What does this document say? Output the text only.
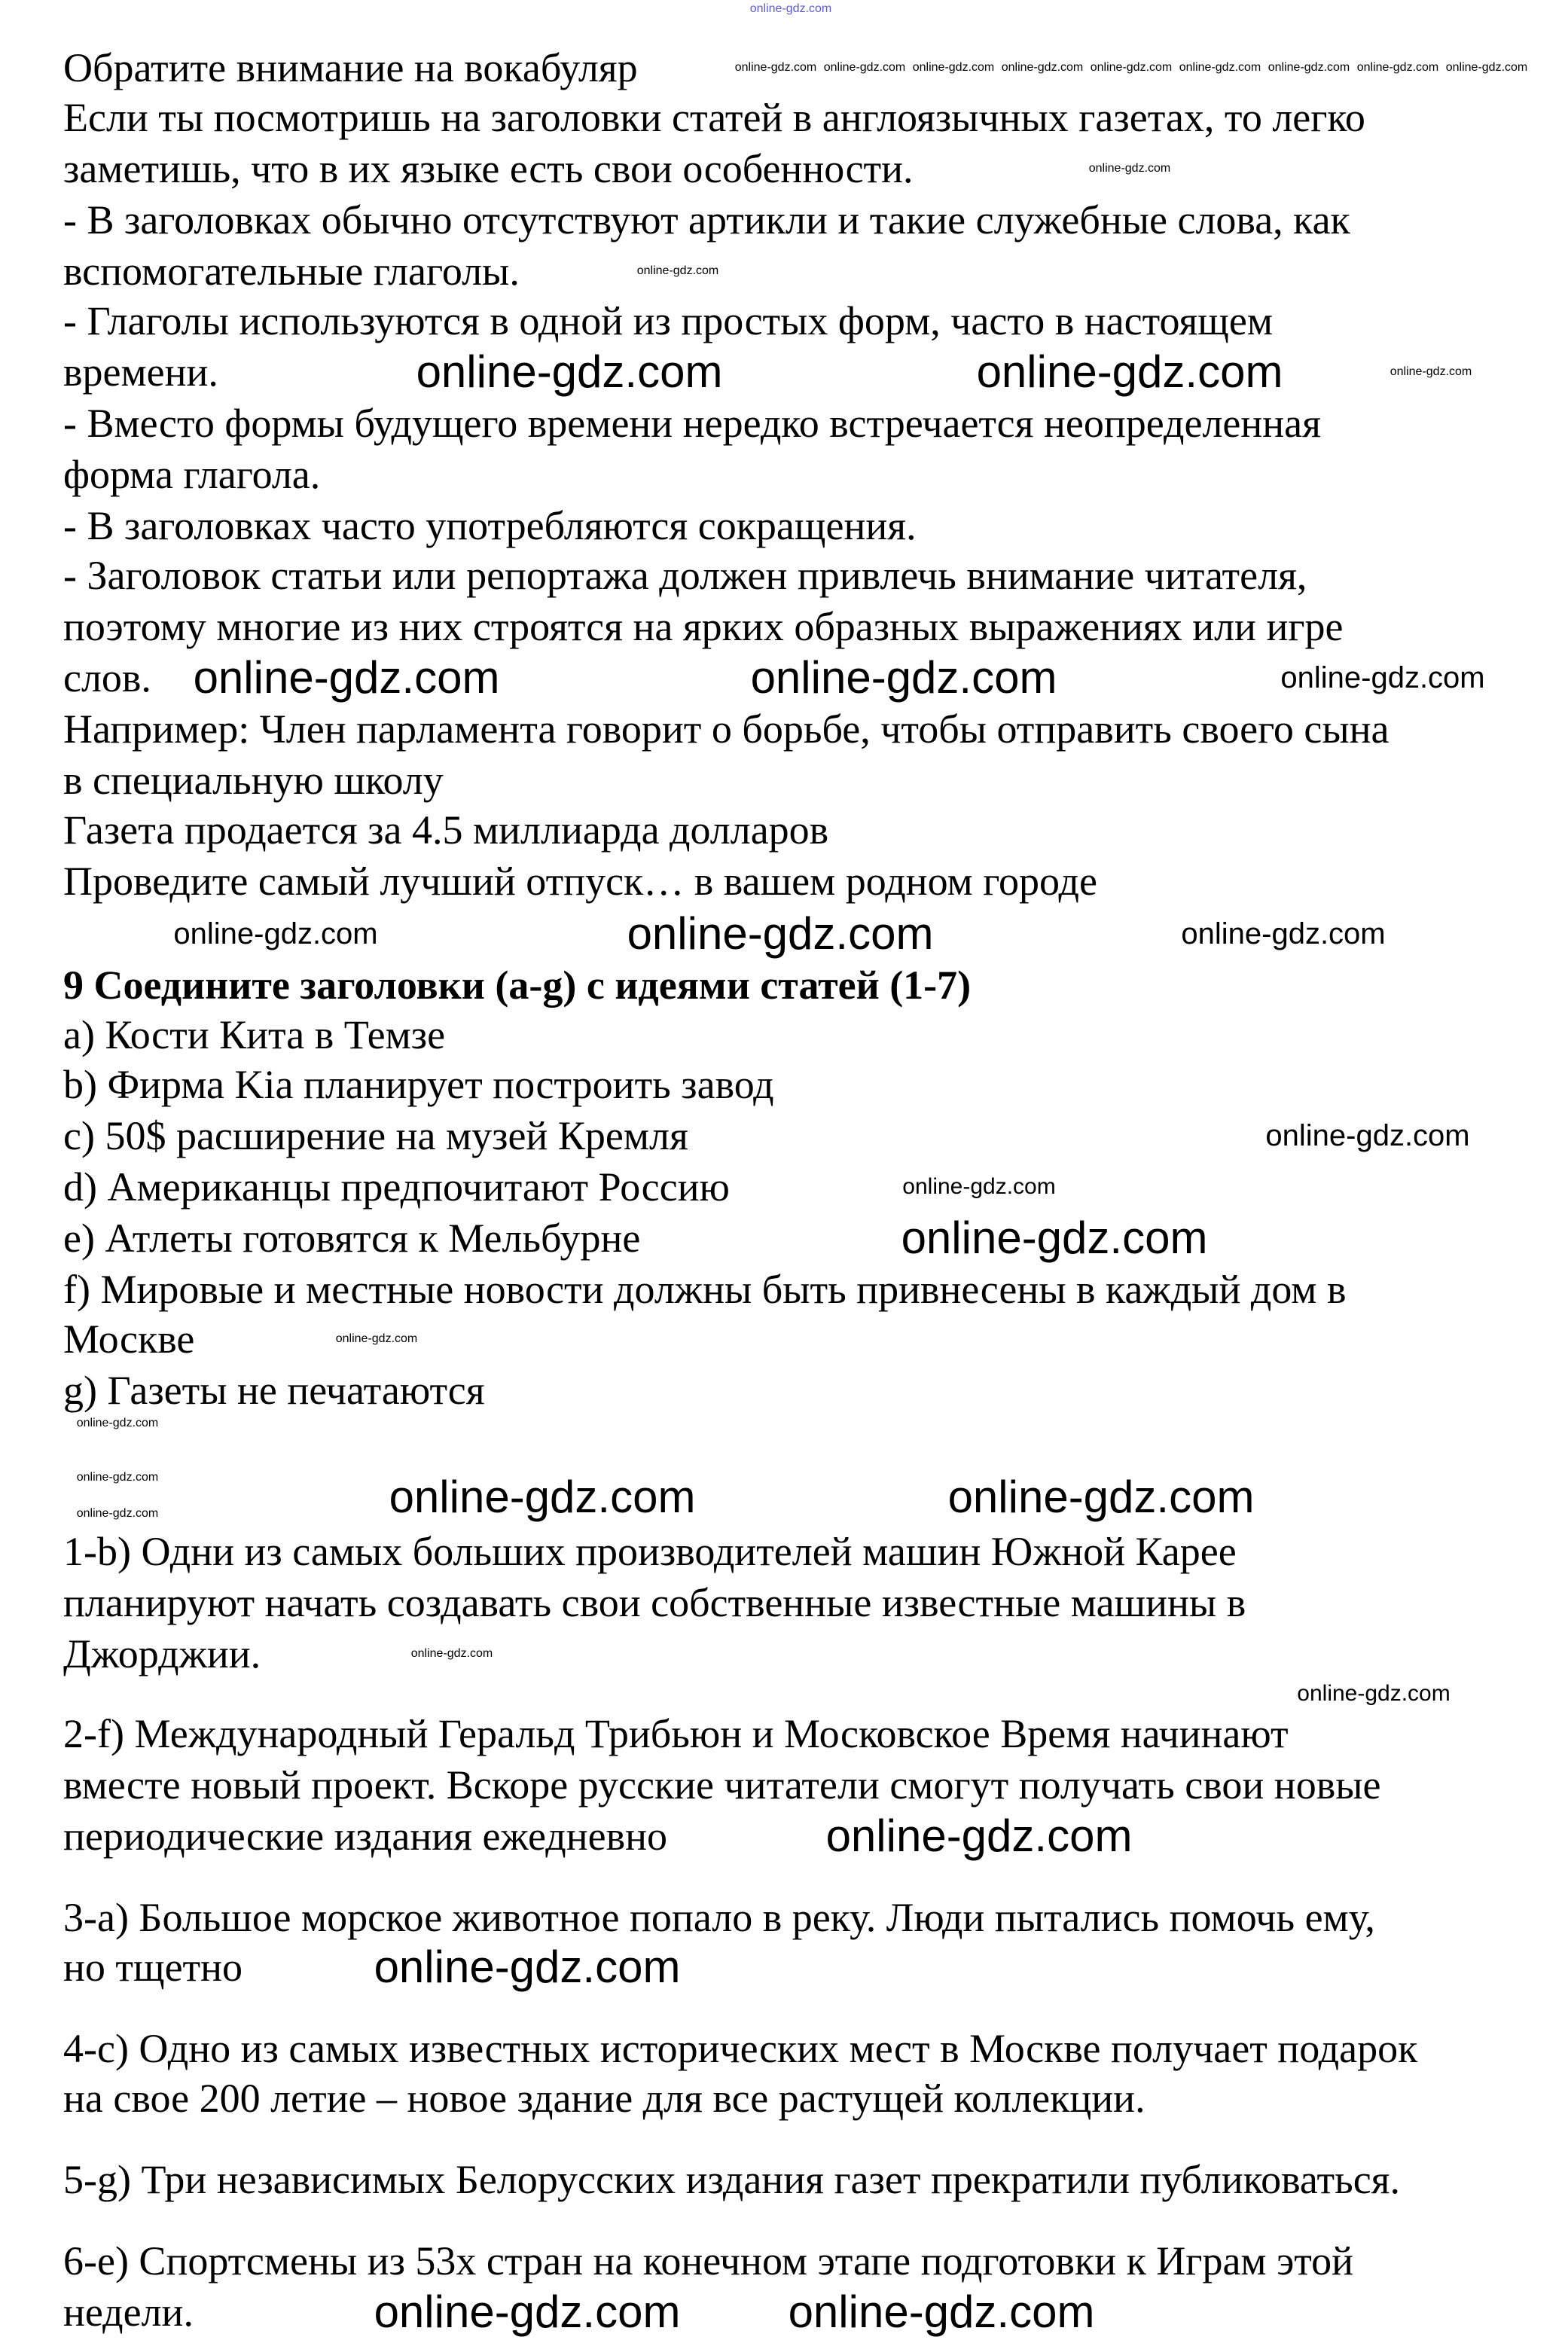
Обратите внимание на вокабуляр
Если ты посмотришь на заголовки статей в англоязычных газетах, то легко
заметишь, что в их языке есть свои особенности.
- В заголовках обычно отсутствуют артикли и такие служебные слова, как
вспомогательные глаголы.
- Глаголы используются в одной из простых форм, часто в настоящем
времени.
- Вместо формы будущего времени нередко встречается неопределенная
форма глагола.
- В заголовках часто употребляются сокращения.
- Заголовок статьи или репортажа должен привлечь внимание читателя,
поэтому многие из них строятся на ярких образных выражениях или игре
слов.
Например: Член парламента говорит о борьбе, чтобы отправить своего сына
в специальную школу
Газета продается за 4.5 миллиарда долларов
Проведите самый лучший отпуск… в вашем родном городе
9 Соедините заголовки (a-g) с идеями статей (1-7)
a) Кости Кита в Темзе
b) Фирма Kia планирует построить завод
c) 50$ расширение на музей Кремля
d) Американцы предпочитают Россию
e) Атлеты готовятся к Мельбурне
f) Мировые и местные новости должны быть привнесены в каждый дом в
Москве
g) Газеты не печатаются
1-b) Одни из самых больших производителей машин Южной Карее
планируют начать создавать свои собственные известные машины в
Джорджии.
2-f) Международный Геральд Трибьюн и Московское Время начинают
вместе новый проект. Вскоре русские читатели смогут получать свои новые
периодические издания ежедневно
3-a) Большое морское животное попало в реку. Люди пытались помочь ему,
но тщетно
4-c) Одно из самых известных исторических мест в Москве получает подарок
на свое 200 летие – новое здание для все растущей коллекции.
5-g) Три независимых Белорусских издания газет прекратили публиковаться.
6-e) Спортсмены из 53х стран на конечном этапе подготовки к Играм этой
недели.
online-gdz.com
online-gdz.com online-gdz.com online-gdz.com online-gdz.com online-gdz.com online-gdz.com online-gdz.com online-gdz.com online-gdz.com
online-gdz.com
online-gdz.com
online-gdz.com
online-gdz.com
online-gdz.com
online-gdz.com
online-gdz.com
online-gdz.com
online-gdz.com	online-gdz.com
online-gdz.com	online-gdz.com
online-gdz.com
online-gdz.com
online-gdz.com	online-gdz.com
online-gdz.com
online-gdz.com
online-gdz.com online-gdz.com
online-gdz.com
online-gdz.com	online-gdz.com
online-gdz.com
online-gdz.com
online-gdz.com
